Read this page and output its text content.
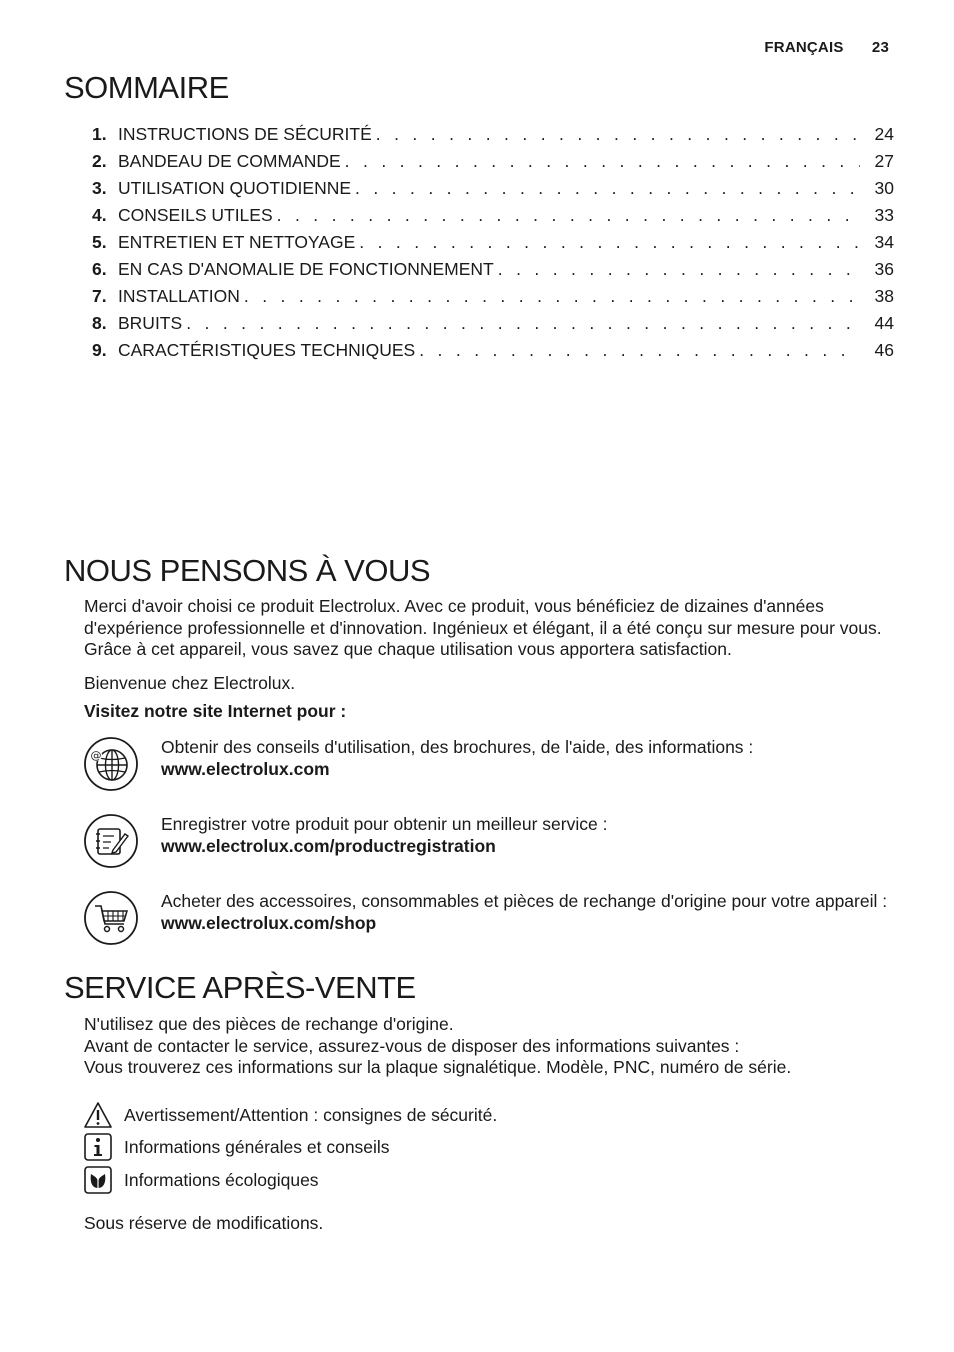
FRANÇAIS 23
SOMMAIRE
1. INSTRUCTIONS DE SÉCURITÉ . . .	24
2. BANDEAU DE COMMANDE . . .	27
3. UTILISATION QUOTIDIENNE . . .	30
4. CONSEILS UTILES . . .	33
5. ENTRETIEN ET NETTOYAGE . . .	34
6. EN CAS D'ANOMALIE DE FONCTIONNEMENT . . .	36
7. INSTALLATION . . .	38
8. BRUITS . . .	44
9. CARACTÉRISTIQUES TECHNIQUES . . .	46
NOUS PENSONS À VOUS

Merci d'avoir choisi ce produit Electrolux. Avec ce produit, vous bénéficiez de dizaines d'années d'expérience professionnelle et d'innovation. Ingénieux et élégant, il a été conçu sur mesure pour vous. Grâce à cet appareil, vous savez que chaque utilisation vous apportera satisfaction.

Bienvenue chez Electrolux.

Visitez notre site Internet pour :

@	Obtenir des conseils d'utilisation, des brochures, de l'aide, des informations :
www.electrolux.com
Enregistrer votre produit pour obtenir un meilleur service :
www.electrolux.com/productregistration
Acheter des accessoires, consommables et pièces de rechange d'origine pour votre appareil :
www.electrolux.com/shop
SERVICE APRÈS-VENTE
N'utilisez que des pièces de rechange d'origine.
Avant de contacter le service, assurez-vous de disposer des informations suivantes :
Vous trouverez ces informations sur la plaque signalétique. Modèle, PNC, numéro de série.
Avertissement/Attention : consignes de sécurité.
Informations générales et conseils
Informations écologiques

Sous réserve de modifications.
